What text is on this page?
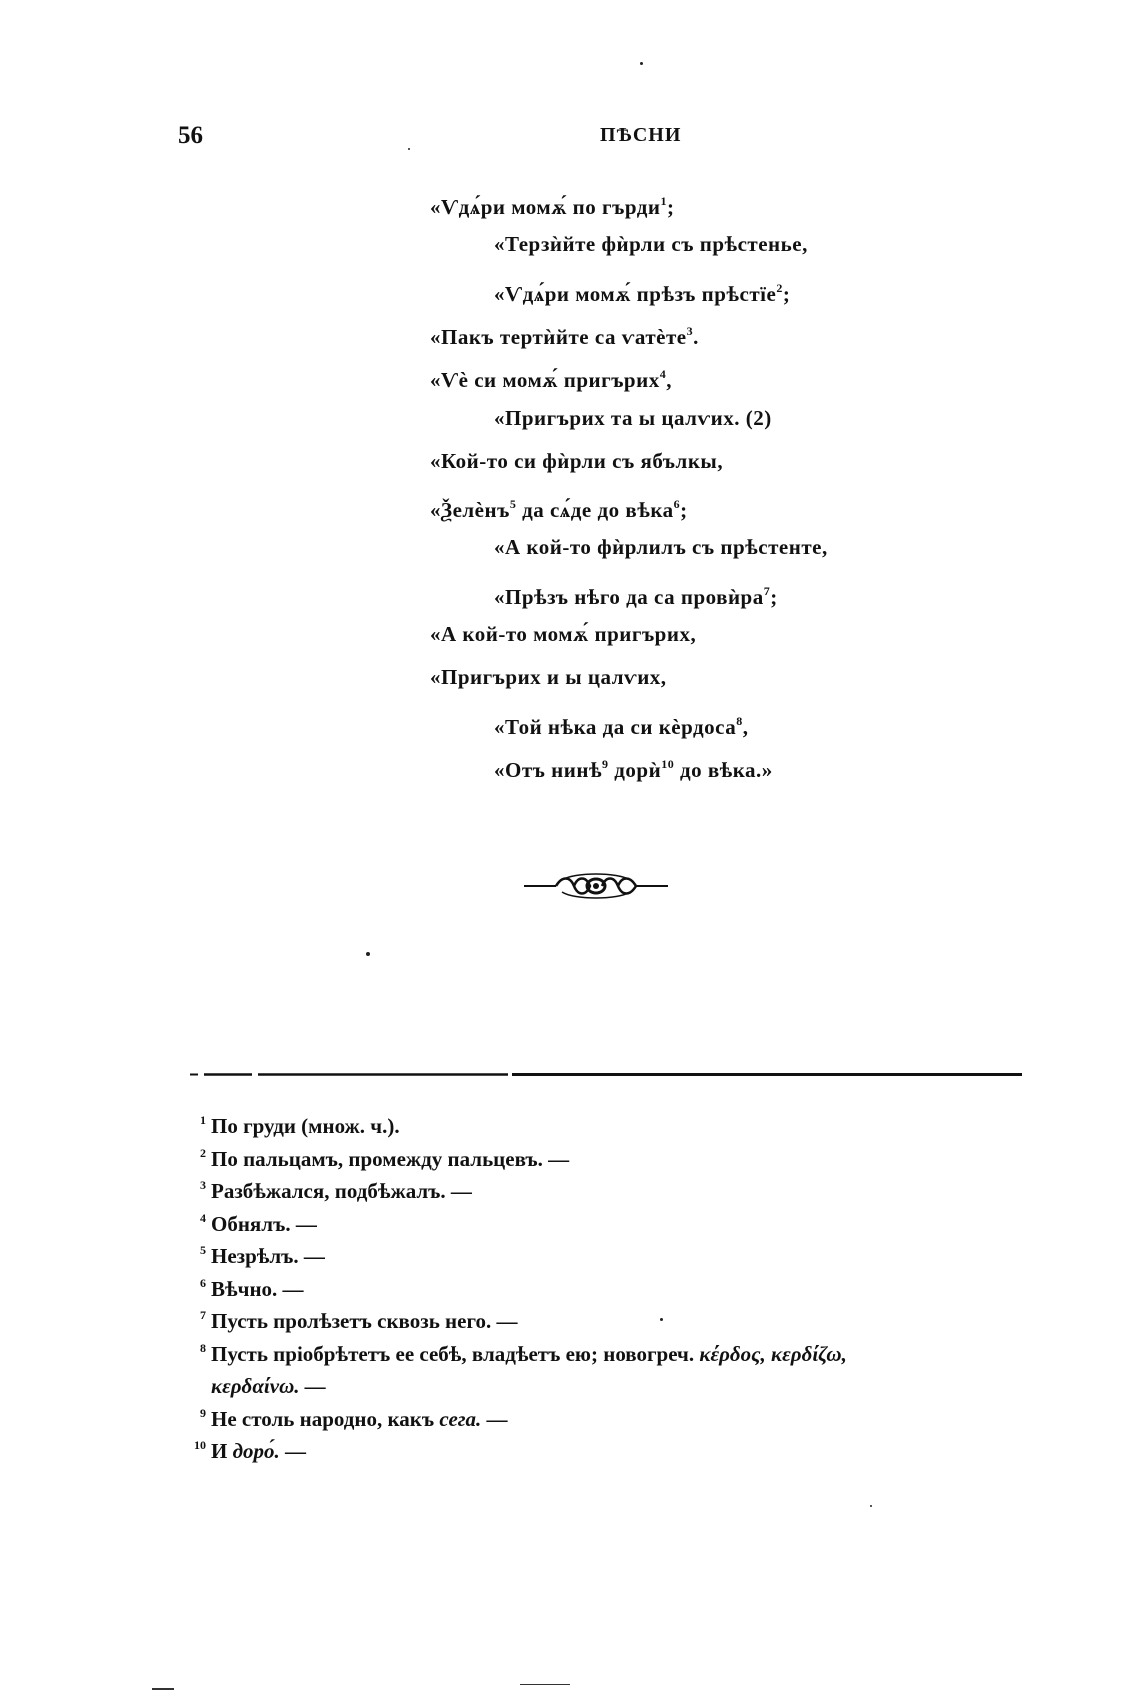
56	ПѢСНИ
«Ѵдѧ́ри момѫ́ по гърди$^1$;
«Терзѝйте фѝрли съ прѣстенье,
«Ѵдѧ́ри момѫ́ прѣзъ прѣстïе$^2$;
«Пакъ тертѝйте са ѵатѐте$^3$.
«Ѵѐ си момѫ́ пригърих$^4$,
«Пригърих та ы цалѵих. (2)
«Кой-то си фѝрли съ ябълкы,
«Ѯелѐнъ$^5$ да сѧ́де до вѣка$^6$;
«А кой-то фѝрлилъ съ прѣстенте,
«Прѣзъ нѣго да са провѝра$^7$;
«А кой-то момѫ́ пригърих,
«Пригърих и ы цалѵих,
«Той нѣка да си кѐрдоса$^8$,
«Отъ нинѣ$^9$ дорѝ$^{10}$ до вѣка.»
1 По груди (множ. ч.).
2 По пальцамъ, промежду пальцевъ. —
3 Разбѣжался, подбѣжалъ. —
4 Обнялъ. —
5 Незрѣлъ. —
6 Вѣчно. —
7 Пусть пролѣзетъ сквозь него. —
8 Пусть пріобрѣтетъ ее себѣ, владѣетъ ею; новогреч. κέρδος, κερδίζω,
κερδαίνω. —
9 Не столь народно, какъ сега. —
10 И доро́. —
